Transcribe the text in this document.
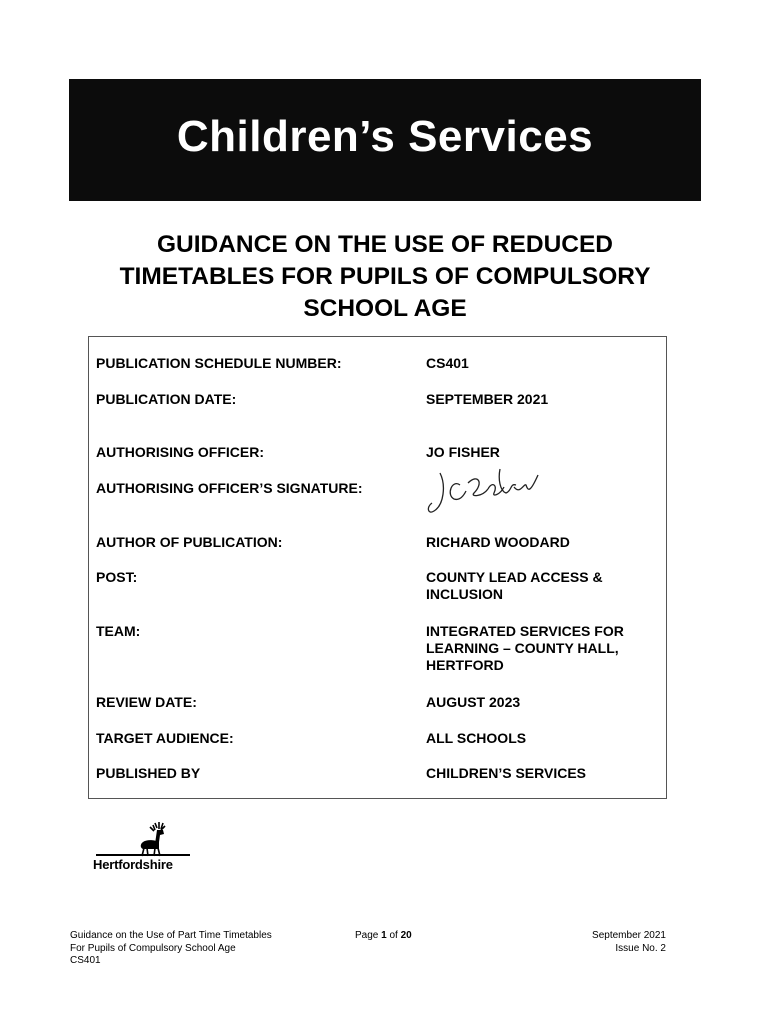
Children’s Services
GUIDANCE ON THE USE OF REDUCED
TIMETABLES FOR PUPILS OF COMPULSORY
SCHOOL AGE
PUBLICATION SCHEDULE NUMBER:	CS401
PUBLICATION DATE:	SEPTEMBER 2021
AUTHORISING OFFICER:	JO FISHER
AUTHORISING OFFICER’S SIGNATURE:
AUTHOR OF PUBLICATION:	RICHARD WOODARD
POST:	COUNTY LEAD ACCESS & INCLUSION
TEAM:	INTEGRATED SERVICES FOR LEARNING – COUNTY HALL, HERTFORD
REVIEW DATE:	AUGUST 2023
TARGET AUDIENCE:	ALL SCHOOLS
PUBLISHED BY	CHILDREN’S SERVICES
Hertfordshire
Guidance on the Use of Part Time Timetables
For Pupils of Compulsory School Age
CS401
Page 1 of 20	September 2021
Issue No. 2
